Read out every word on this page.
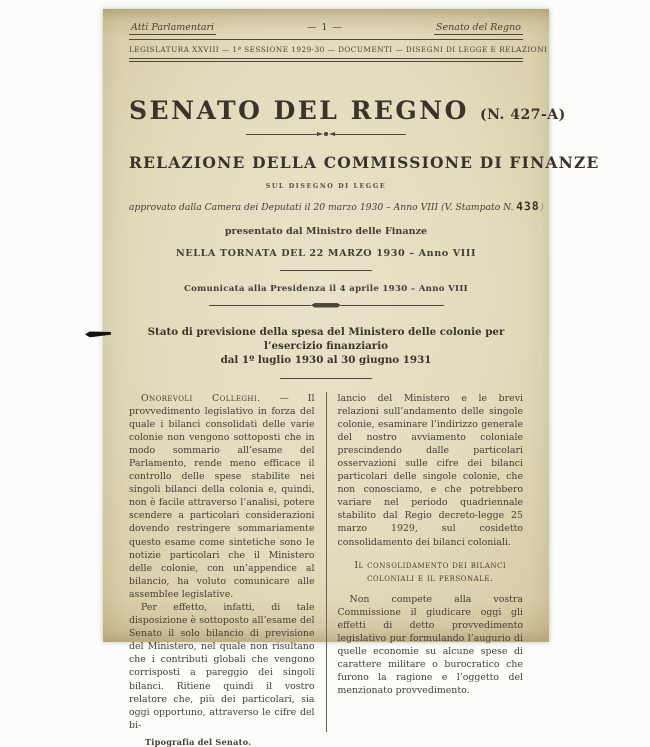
Atti Parlamentari	— 1 —	Senato del Regno
LEGISLATURA XXVIII — 1ª SESSIONE 1929-30 — DOCUMENTI — DISEGNI DI LEGGE E RELAZIONI
SENATO DEL REGNO (N. 427-A)
RELAZIONE DELLA COMMISSIONE DI FINANZE
SUL DISEGNO DI LEGGE
approvato dalla Camera dei Deputati il 20 marzo 1930 – Anno VIII (V. Stampato N. 438)
presentato dal Ministro delle Finanze
NELLA TORNATA DEL 22 MARZO 1930 – Anno VIII
Comunicata alla Presidenza il 4 aprile 1930 – Anno VIII
Stato di previsione della spesa del Ministero delle colonie per l’esercizio finanziario
dal 1º luglio 1930 al 30 giugno 1931

Onorevoli Colleghi. — Il provvedimento legislativo in forza del quale i bilanci consolidati delle varie colonie non vengono sottoposti che in modo sommario all’esame del Parlamento, rende meno efficace il controllo delle spese stabilite nei singoli bilanci della colonia e, quindi, non è facile attraverso l’analisi, potere scendere a particolari considerazioni dovendo restringere sommariamente questo esame come sintetiche sono le notizie particolari che il Ministero delle colonie, con un’appendice al bilancio, ha voluto comunicare alle assemblee legislative.

Per effetto, infatti, di tale disposizione è sottoposto all’esame del Senato il solo bilancio di previsione del Ministero, nel quale non risultano che i contributi globali che vengono corrisposti a pareggio dei singoli bilanci. Ritiene quindi il vostro relatore che, più dei particolari, sia oggi opportuno, attraverso le cifre del bi-

lancio del Ministero e le brevi relazioni sull’andamento delle singole colonie, esaminare l’indirizzo generale del nostro avviamento coloniale prescindendo dalle particolari osservazioni sulle cifre dei bilanci particolari delle singole colonie, che non conosciamo, e che potrebbero variare nel periodo quadriennale stabilito dal Regio decreto-legge 25 marzo 1929, sul cosidetto consolidamento dei bilanci coloniali.

Il consolidamento dei bilanci coloniali e il personale.

Non compete alla vostra Commissione il giudicare oggi gli effetti di detto provvedimento legislativo pur formulando l’augurio di quelle economie su alcune spese di carattere militare o burocratico che furono la ragione e l’oggetto del menzionato provvedimento.

Tipografia del Senato.
